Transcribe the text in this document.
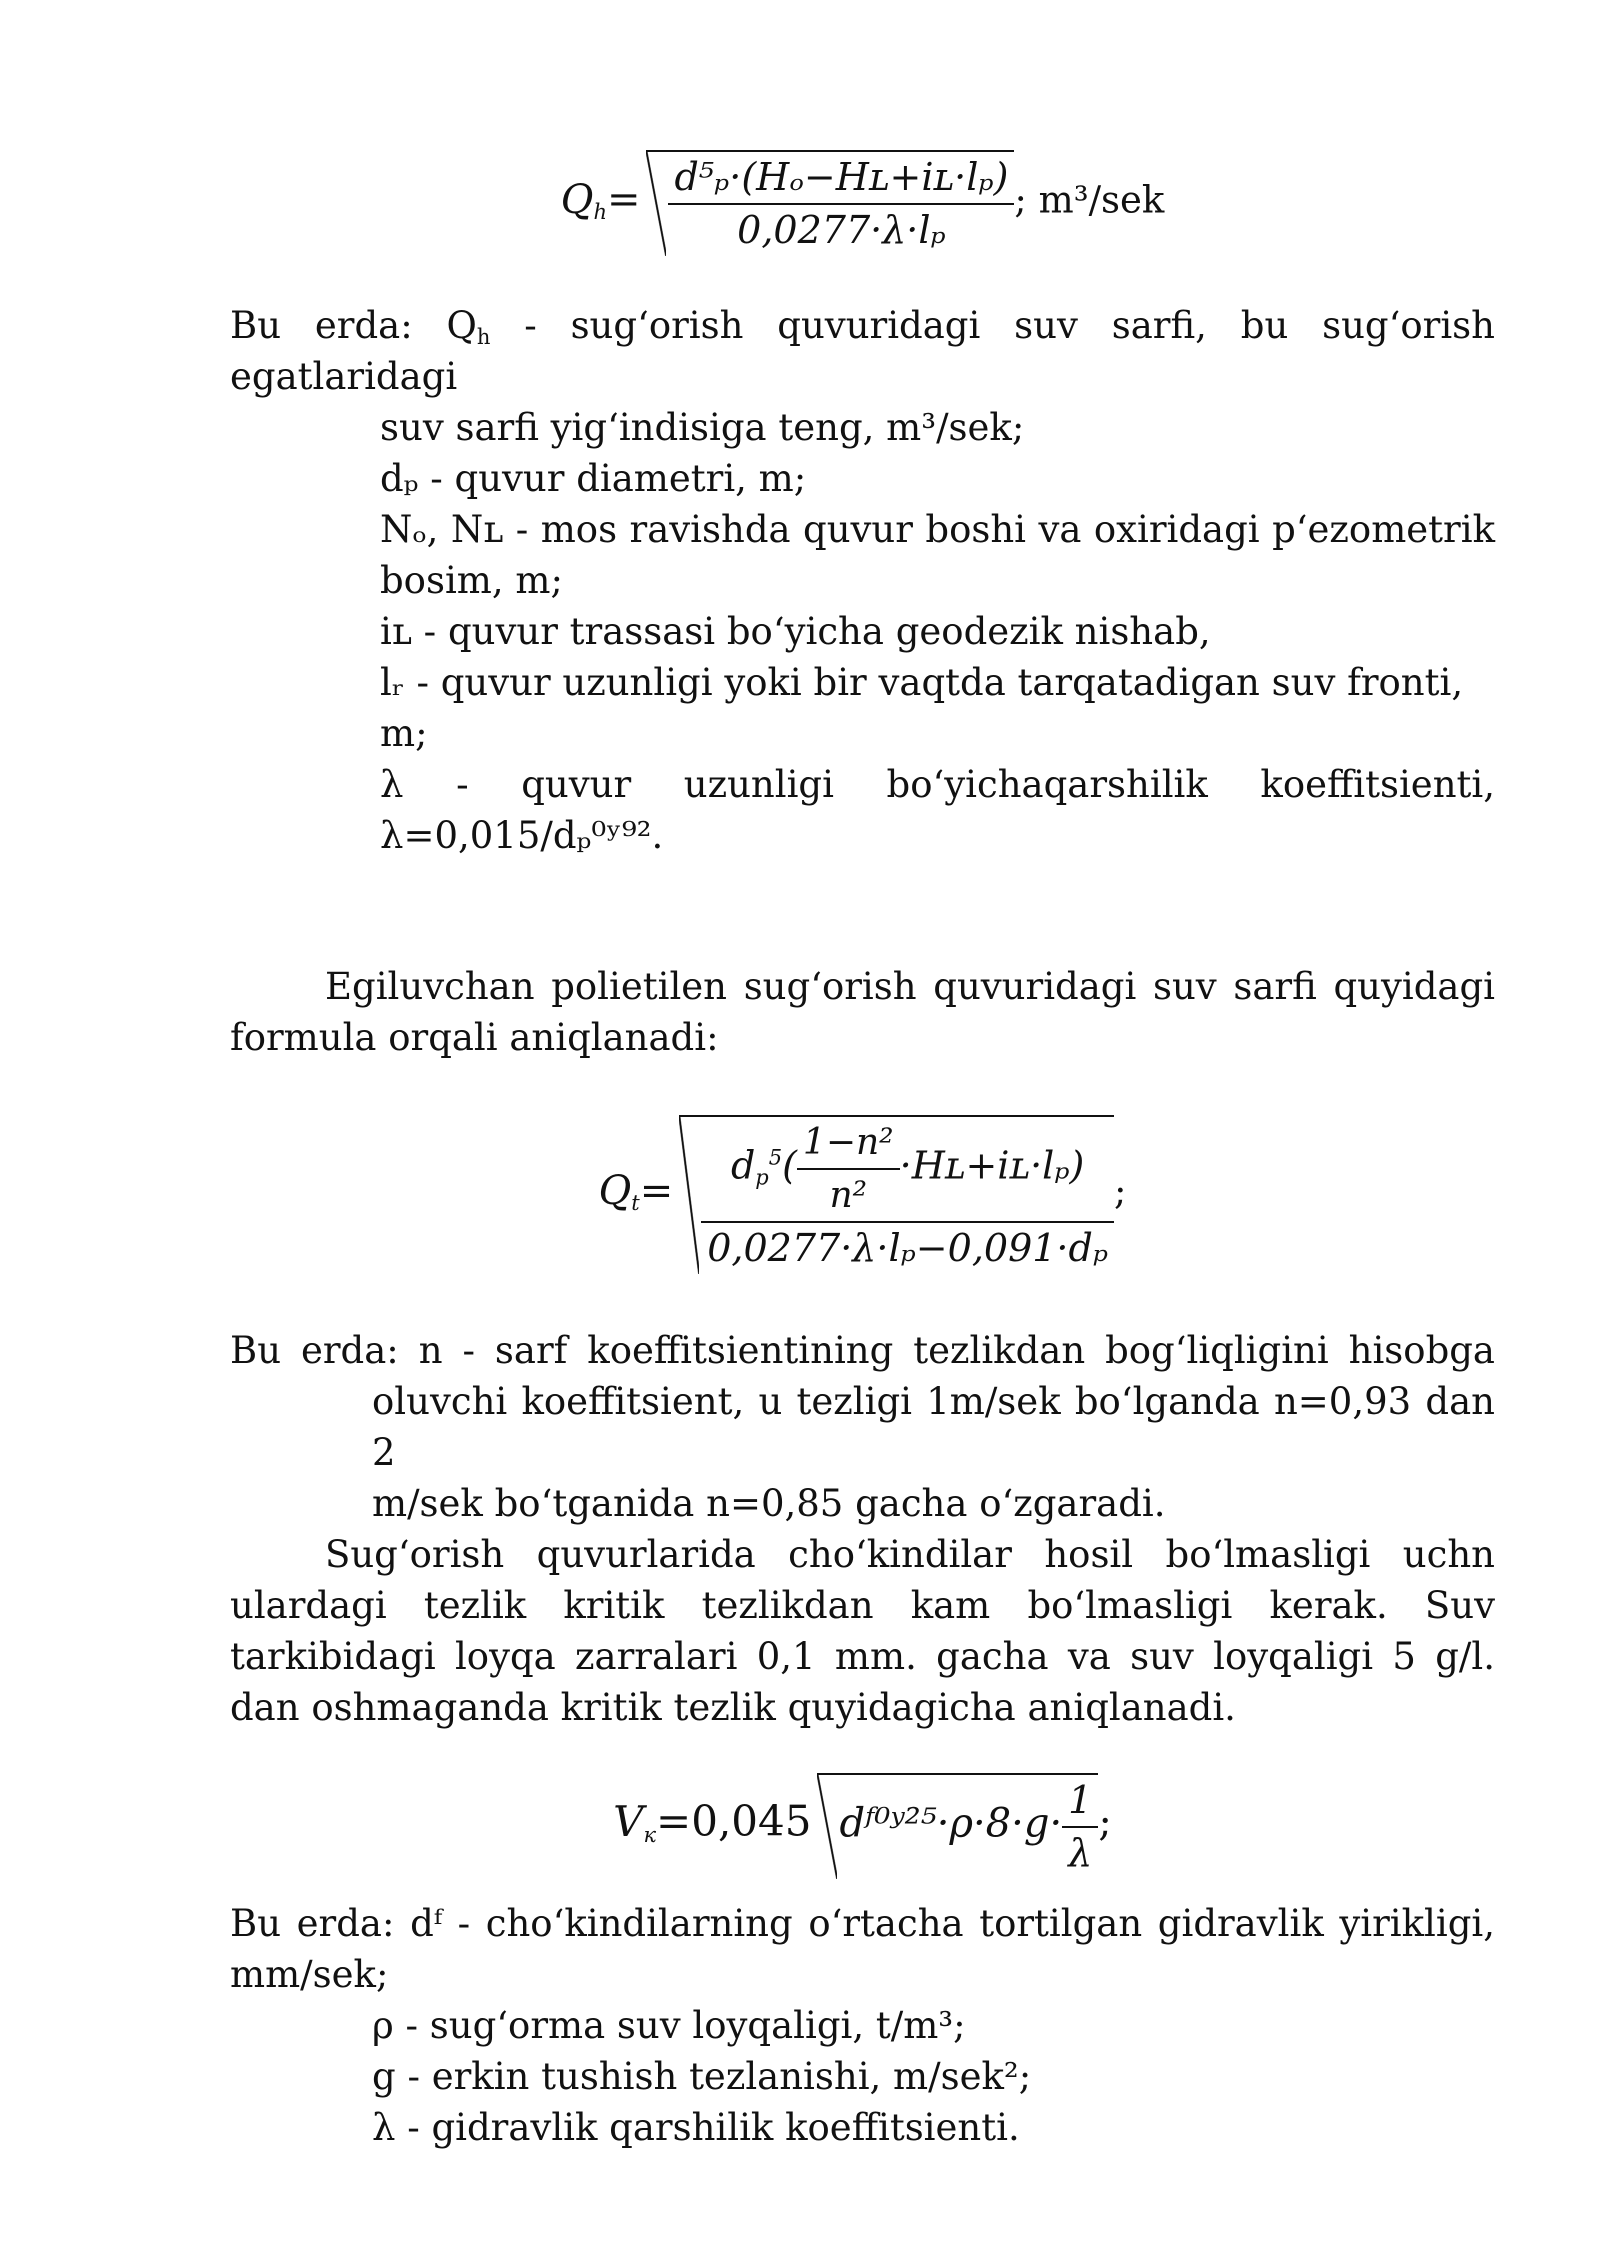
$Q_h= \frac{\text{d⁵ₚ·(Hₒ−Hʟ+iʟ·lₚ)}}{\text{0,0277·λ·lₚ}}$ ; m³/sek
Bu erda: $Q_h$ - sugʻorish quvuridagi suv sarfi, bu sugʻorish egatlaridagi
suv sarfi yigʻindisiga teng, m³/sek;
dₚ - quvur diametri, m;
Nₒ, Nʟ - mos ravishda quvur boshi va oxiridagi pʻezometrik
bosim, m;
iʟ - quvur trassasi boʻyicha geodezik nishab,
lᵣ - quvur uzunligi yoki bir vaqtda tarqatadigan suv fronti, m;
λ - quvur uzunligi boʻyichaqarshilik koeffitsienti,
λ=0,015/dₚ⁰ʸ⁹².
Egiluvchan polietilen sugʻorish quvuridagi suv sarfi quyidagi formula orqali aniqlanadi:
$Q_t= \frac{d_p^5( \frac{\text{1−n²}}{\text{n²}} \cdot Hʟ+iʟ\cdot l_p)}{\text{0,0277·λ·lₚ−0,091·dₚ}}$ ;
Bu erda: n - sarf koeffitsientining tezlikdan bogʻliqligini hisobga
oluvchi koeffitsient, u tezligi 1m/sek boʻlganda n=0,93 dan 2
m/sek boʻtganida n=0,85 gacha oʻzgaradi.
Sugʻorish quvurlarida choʻkindilar hosil boʻlmasligi uchn ulardagi tezlik kritik tezlikdan kam boʻlmasligi kerak. Suv tarkibidagi loyqa zarralari 0,1 mm. gacha va suv loyqaligi 5 g/l. dan oshmaganda kritik tezlik quyidagicha aniqlanadi.
$V_к=0,045$ dᶠ⁰ʸ²⁵·ρ·8·g· $\frac{1}{\lambda}$ ;
Bu erda: dᶠ - choʻkindilarning oʻrtacha tortilgan gidravlik yirikligi,
mm/sek;
ρ - sugʻorma suv loyqaligi, t/m³;
g - erkin tushish tezlanishi, m/sek²;
λ - gidravlik qarshilik koeffitsienti.
